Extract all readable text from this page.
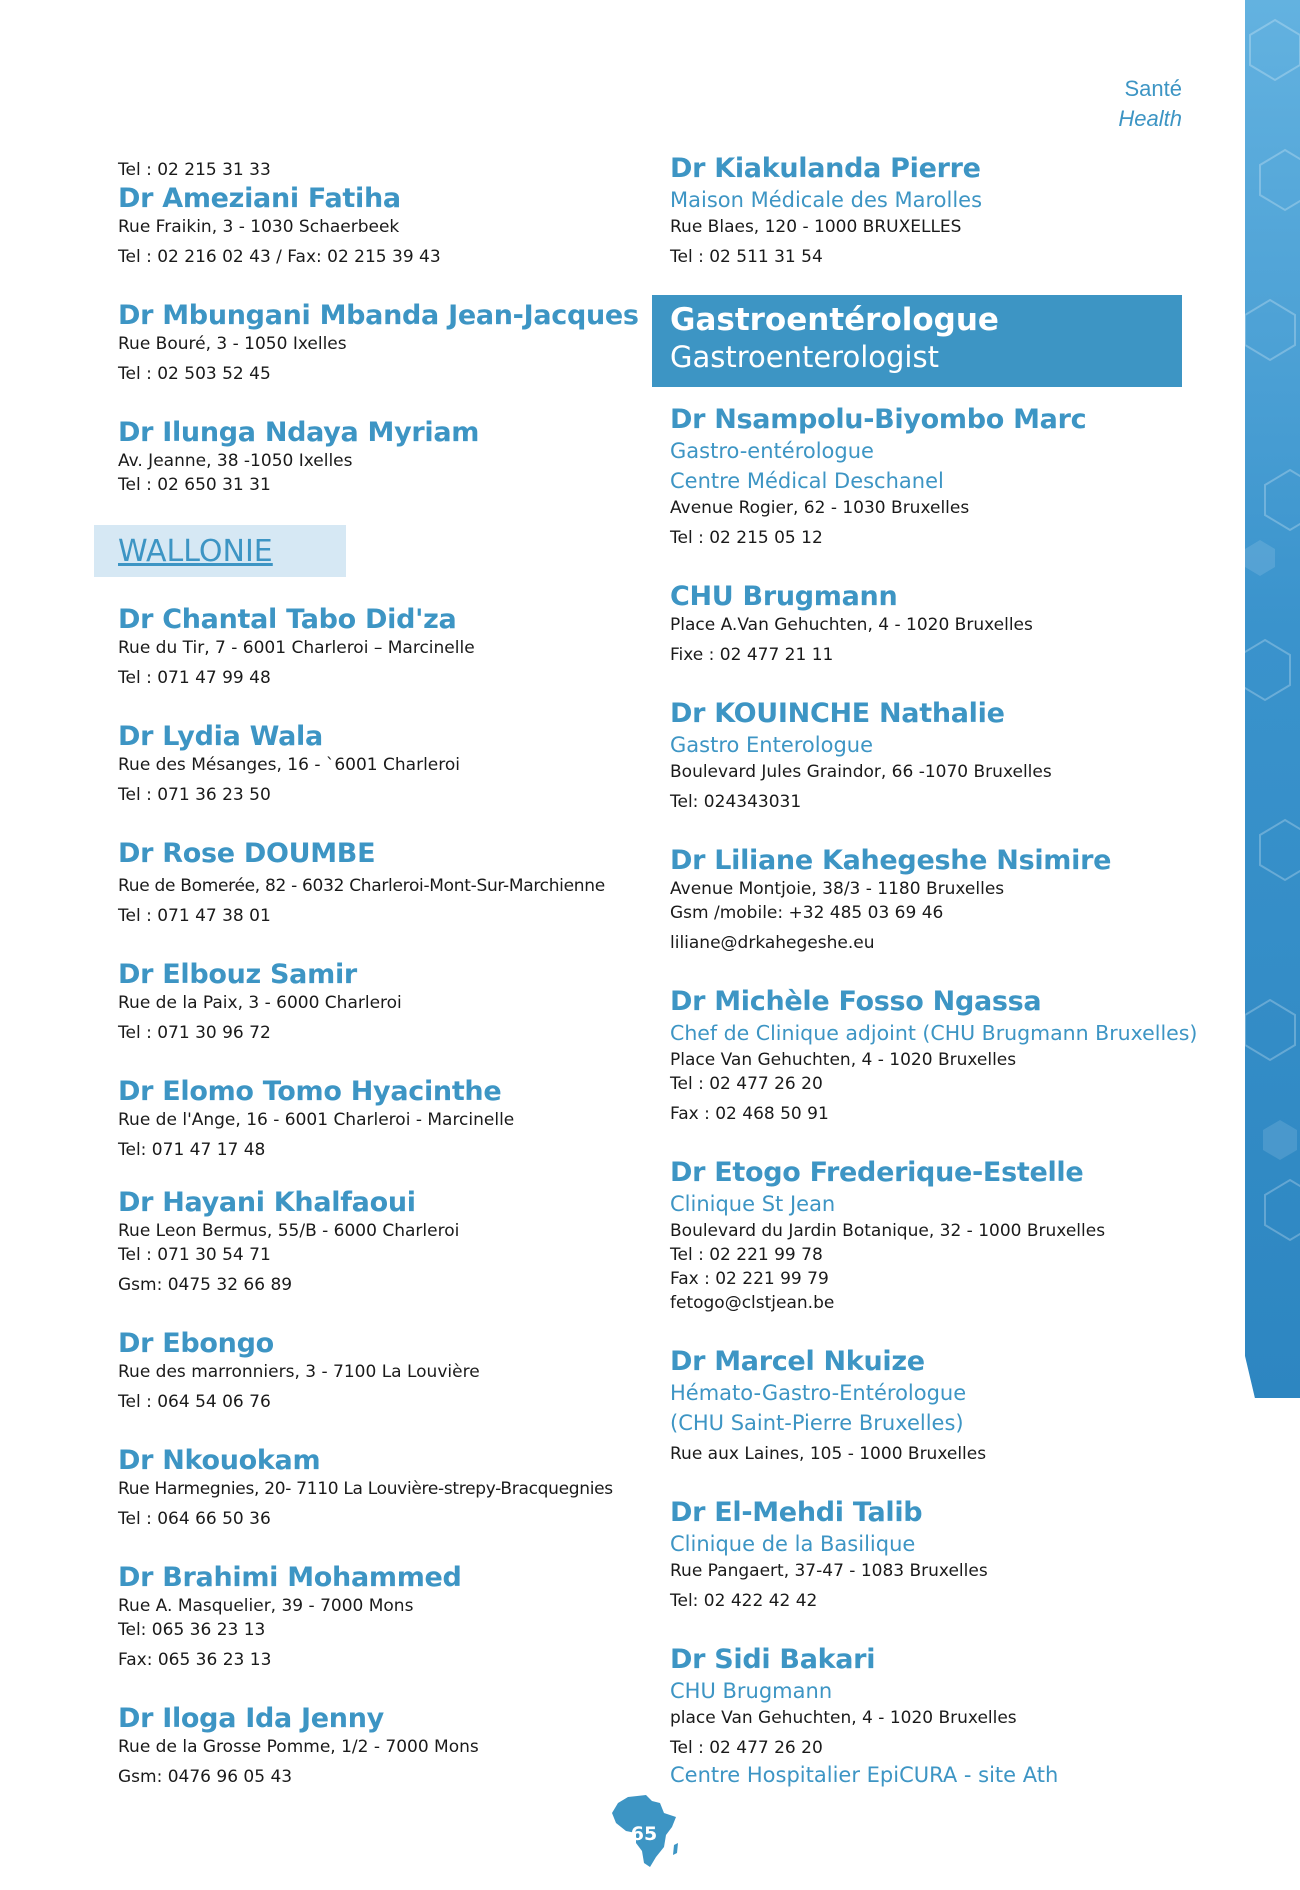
Santé
Health
Tel : 02 215 31 33
Dr Ameziani Fatiha
Rue Fraikin, 3 - 1030 Schaerbeek
Tel : 02 216 02 43 / Fax: 02 215 39 43
Dr Mbungani Mbanda Jean-Jacques
Rue Bouré, 3 - 1050 Ixelles
Tel : 02 503 52 45
Dr Ilunga Ndaya Myriam
Av. Jeanne, 38 -1050 Ixelles
Tel : 02 650 31 31
WALLONIE
Dr Chantal Tabo Did'za
Rue du Tir, 7 - 6001 Charleroi – Marcinelle
Tel : 071 47 99 48
Dr Lydia Wala
Rue des Mésanges, 16 - `6001 Charleroi
Tel : 071 36 23 50
Dr Rose DOUMBE
Rue de Bomerée, 82 - 6032 Charleroi-Mont-Sur-Marchienne
Tel : 071 47 38 01
Dr Elbouz Samir
Rue de la Paix, 3 - 6000 Charleroi
Tel : 071 30 96 72
Dr Elomo Tomo Hyacinthe
Rue de l'Ange, 16 - 6001 Charleroi - Marcinelle
Tel: 071 47 17 48
Dr Hayani Khalfaoui
Rue Leon Bermus, 55/B - 6000 Charleroi
Tel : 071 30 54 71
Gsm: 0475 32 66 89
Dr Ebongo
Rue des marronniers, 3 - 7100 La Louvière
Tel : 064 54 06 76
Dr Nkouokam
Rue Harmegnies, 20- 7110 La Louvière-strepy-Bracquegnies
Tel : 064 66 50 36
Dr Brahimi Mohammed
Rue A. Masquelier, 39 - 7000 Mons
Tel: 065 36 23 13
Fax: 065 36 23 13
Dr Iloga Ida Jenny
Rue de la Grosse Pomme, 1/2 - 7000 Mons
Gsm: 0476 96 05 43
Dr Kiakulanda Pierre
Maison Médicale des Marolles
Rue Blaes, 120 - 1000 BRUXELLES
Tel : 02 511 31 54
Gastroentérologue
Gastroenterologist
Dr Nsampolu-Biyombo Marc
Gastro-entérologue
Centre Médical Deschanel
Avenue Rogier, 62 - 1030 Bruxelles
Tel : 02 215 05 12
CHU Brugmann
Place A.Van Gehuchten, 4 - 1020 Bruxelles
Fixe : 02 477 21 11
Dr KOUINCHE Nathalie
Gastro Enterologue
Boulevard Jules Graindor, 66 -1070 Bruxelles
Tel: 024343031
Dr Liliane Kahegeshe Nsimire
Avenue Montjoie, 38/3 - 1180 Bruxelles
Gsm /mobile: +32 485 03 69 46
liliane@drkahegeshe.eu
Dr Michèle Fosso Ngassa
Chef de Clinique adjoint (CHU Brugmann Bruxelles)
Place Van Gehuchten, 4 - 1020 Bruxelles
Tel : 02 477 26 20
Fax : 02 468 50 91
Dr Etogo Frederique-Estelle
Clinique St Jean
Boulevard du Jardin Botanique, 32 - 1000 Bruxelles
Tel : 02 221 99 78
Fax : 02 221 99 79
fetogo@clstjean.be
Dr Marcel Nkuize
Hémato-Gastro-Entérologue
(CHU Saint-Pierre Bruxelles)
Rue aux Laines, 105 - 1000 Bruxelles
Dr El-Mehdi Talib
Clinique de la Basilique
Rue Pangaert, 37-47 - 1083 Bruxelles
Tel: 02 422 42 42
Dr Sidi Bakari
CHU Brugmann
place Van Gehuchten, 4 - 1020 Bruxelles
Tel : 02 477 26 20
Centre Hospitalier EpiCURA - site Ath
65
